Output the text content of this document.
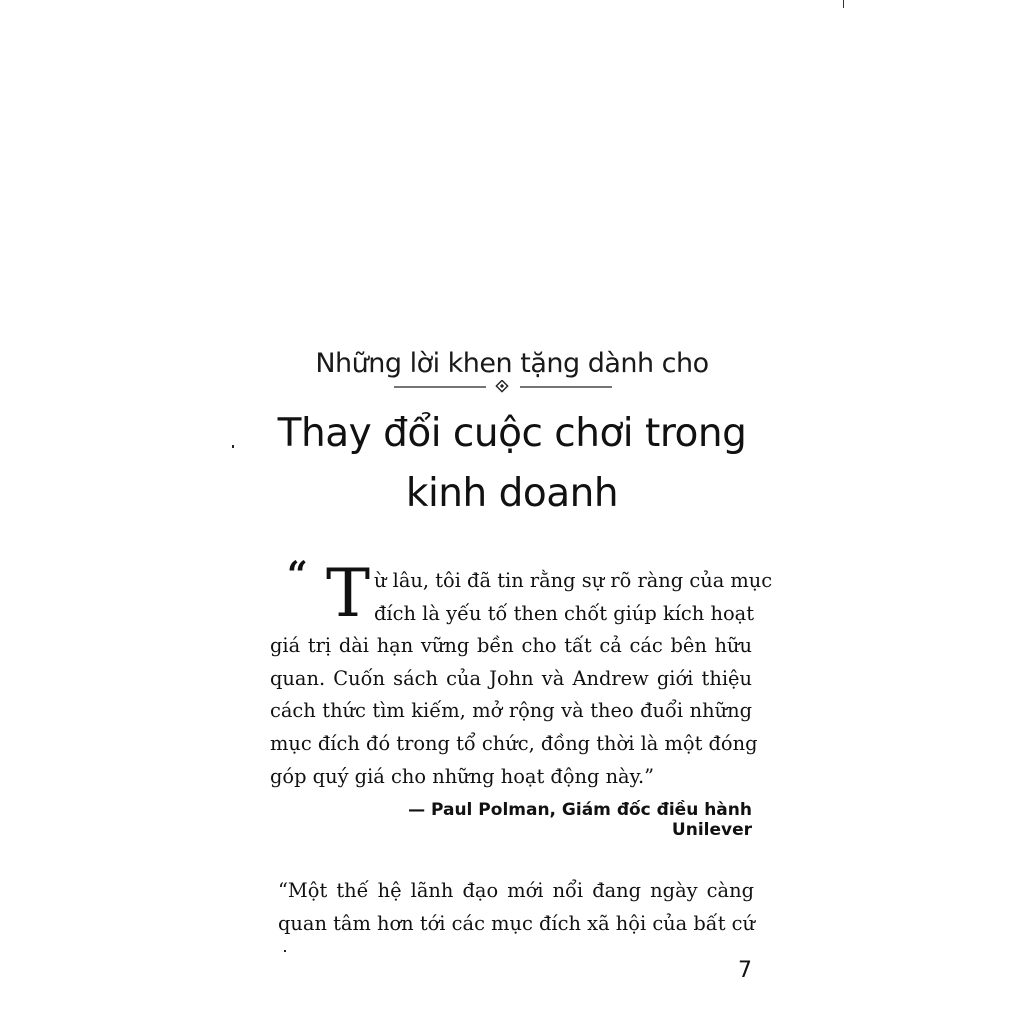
Những lời khen tặng dành cho
Thay đổi cuộc chơi trong
kinh doanh
“ T ừ lâu, tôi đã tin rằng sự rõ ràng của mục
đích là yếu tố then chốt giúp kích hoạt
giá trị dài hạn vững bền cho tất cả các bên hữu
quan. Cuốn sách của John và Andrew giới thiệu
cách thức tìm kiếm, mở rộng và theo đuổi những
mục đích đó trong tổ chức, đồng thời là một đóng
góp quý giá cho những hoạt động này.”
— Paul Polman, Giám đốc điều hành Unilever
“Một thế hệ lãnh đạo mới nổi đang ngày càng
quan tâm hơn tới các mục đích xã hội của bất cứ
7
